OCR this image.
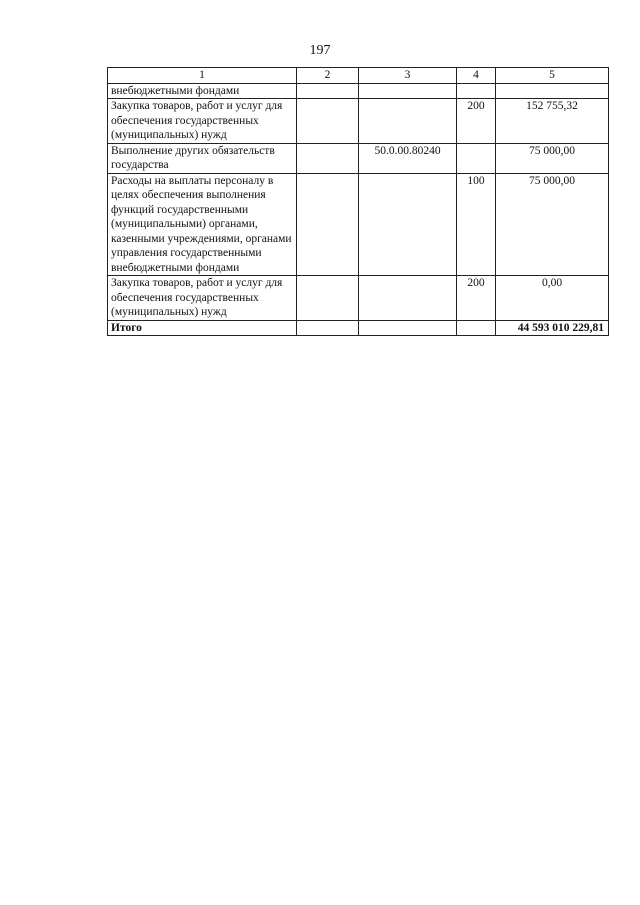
197
1	2	3	4	5
внебюджетными фондами				
Закупка товаров, работ и услуг для обеспечения государственных (муниципальных) нужд			200	152 755,32
Выполнение других обязательств государства		50.0.00.80240		75 000,00
Расходы на выплаты персоналу в целях обеспечения выполнения функций государственными (муниципальными) органами, казенными учреждениями, органами управления государственными внебюджетными фондами			100	75 000,00
Закупка товаров, работ и услуг для обеспечения государственных (муниципальных) нужд			200	0,00
Итого				44 593 010 229,81
